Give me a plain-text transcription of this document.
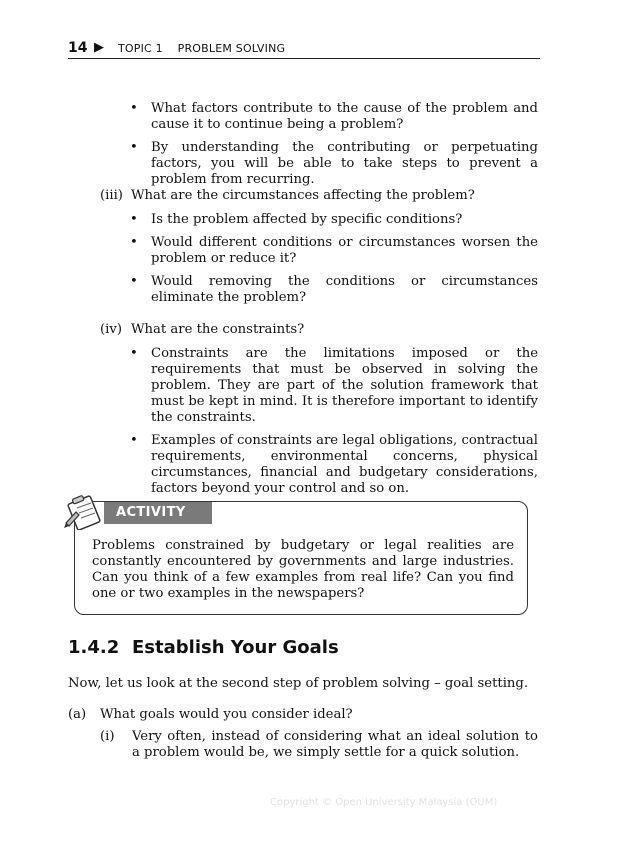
14 ▶ TOPIC 1    PROBLEM SOLVING
• What factors contribute to the cause of the problem and cause it to continue being a problem?
• By understanding the contributing or perpetuating factors, you will be able to take steps to prevent a problem from recurring.
(iii) What are the circumstances affecting the problem?
• Is the problem affected by specific conditions?
• Would different conditions or circumstances worsen the problem or reduce it?
• Would removing the conditions or circumstances eliminate the problem?
(iv) What are the constraints?
• Constraints are the limitations imposed or the requirements that must be observed in solving the problem. They are part of the solution framework that must be kept in mind. It is therefore important to identify the constraints.
• Examples of constraints are legal obligations, contractual requirements, environmental concerns, physical circumstances, financial and budgetary considerations, factors beyond your control and so on.
ACTIVITY 1.2
Problems constrained by budgetary or legal realities are constantly encountered by governments and large industries. Can you think of a few examples from real life? Can you find one or two examples in the newspapers?
1.4.2 Establish Your Goals
Now, let us look at the second step of problem solving – goal setting.
(a) What goals would you consider ideal?
(i) Very often, instead of considering what an ideal solution to a problem would be, we simply settle for a quick solution.
Copyright © Open University Malaysia (OUM)
